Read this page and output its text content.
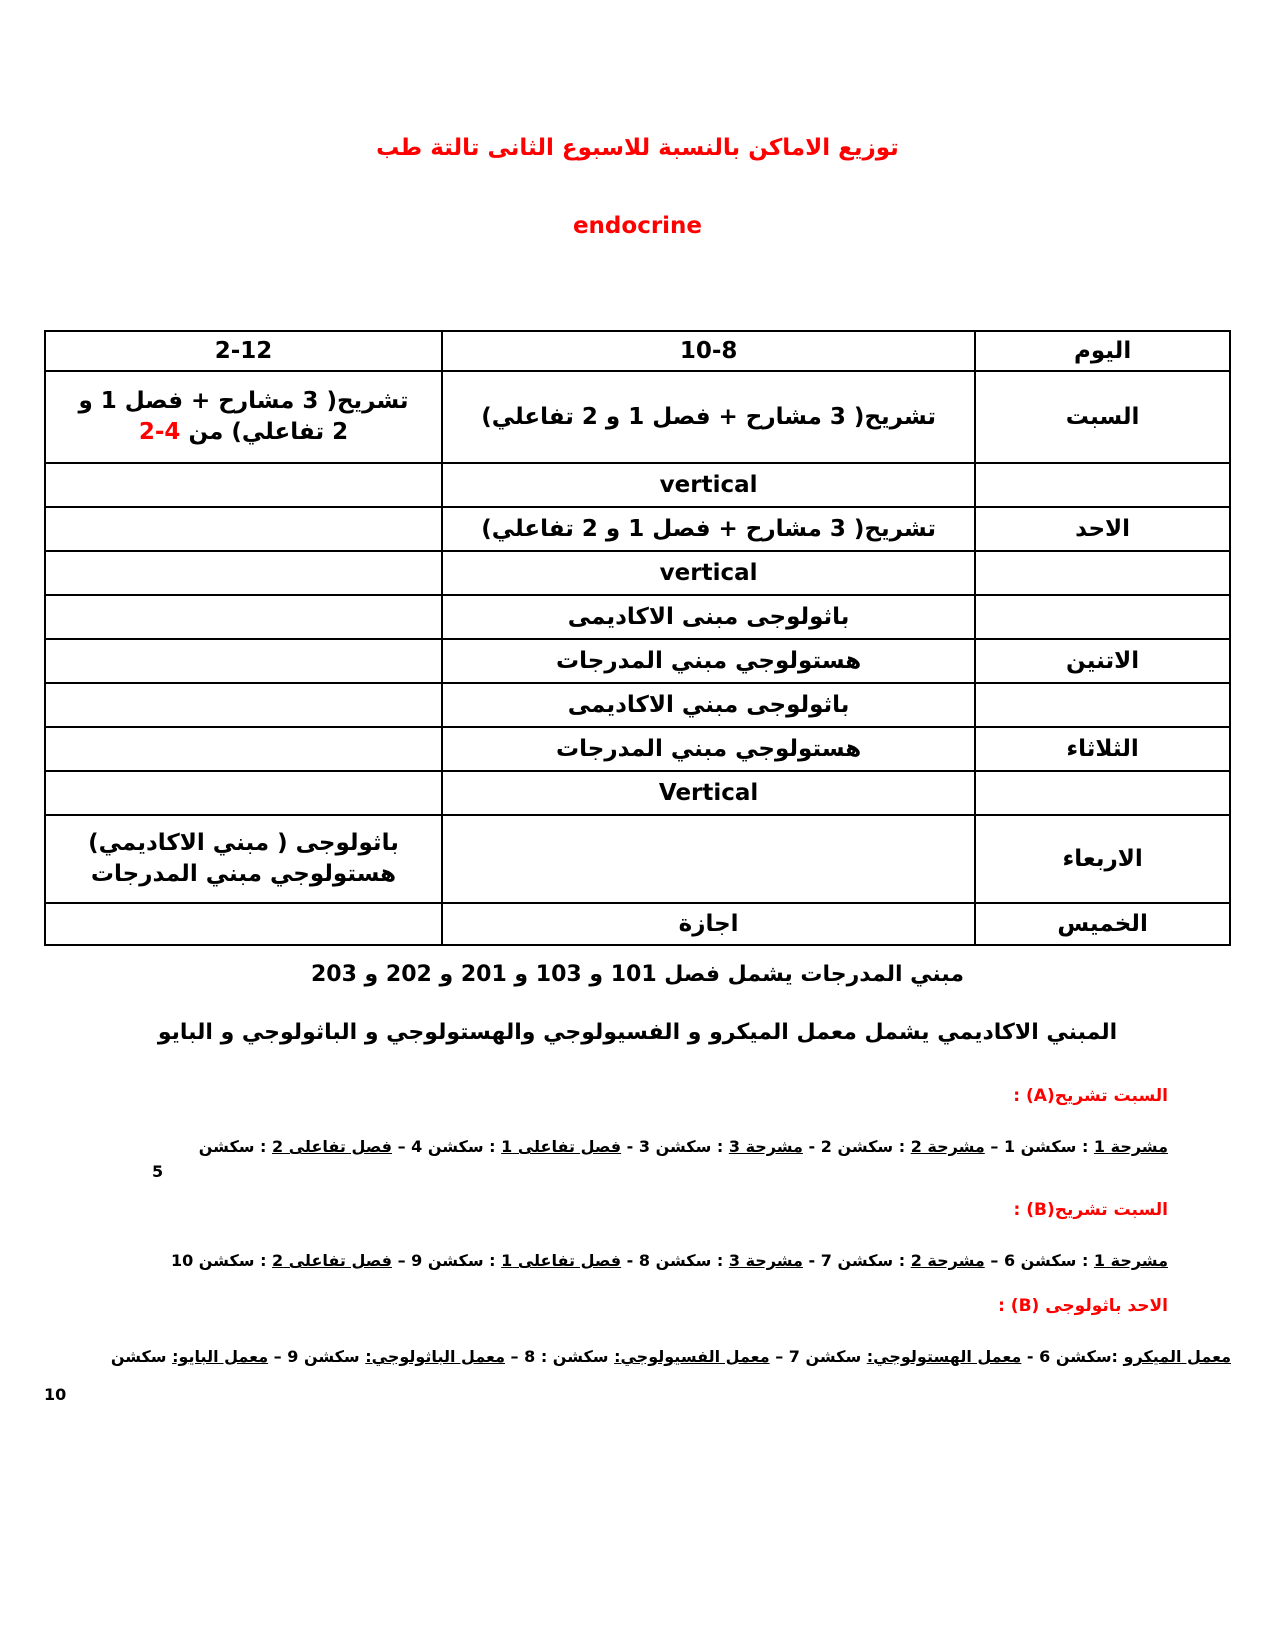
توزيع الاماكن بالنسبة للاسبوع الثانى تالتة طب
endocrine
اليوم	10-8	2-12
السبت	تشريح( 3 مشارح + فصل 1 و 2 تفاعلي)	تشريح( 3 مشارح + فصل 1 و
2 تفاعلي) من 4-2

	vertical	
الاحد	تشريح( 3 مشارح + فصل 1 و 2 تفاعلي)	
	vertical	
	باثولوجى مبنى الاكاديمى	
الاتنين	هستولوجي مبني المدرجات	
	باثولوجى مبني الاكاديمى	
الثلاثاء	هستولوجي مبني المدرجات	
	Vertical	
الاربعاء		باثولوجى ( مبني الاكاديمي)
هستولوجي مبني المدرجات

الخميس	اجازة	
مبني المدرجات يشمل فصل 101 و 103 و 201 و 202 و 203
المبني الاكاديمي يشمل معمل الميكرو و الفسيولوجي والهستولوجي و الباثولوجي و البايو
السبت تشريح(A) :
مشرحة 1 : سكشن 1 – مشرحة 2 : سكشن 2 - مشرحة 3 : سكشن 3 - فصل تفاعلى 1 : سكشن 4 – فصل تفاعلى 2 : سكشن
5
السبت تشريح(B) :
مشرحة 1 : سكشن 6 – مشرحة 2 : سكشن 7 - مشرحة 3 : سكشن 8 - فصل تفاعلى 1 : سكشن 9 – فصل تفاعلى 2 : سكشن 10
الاحد باثولوجى (B) :
معمل الميكرو :سكشن 6 - معمل الهستولوجي: سكشن 7 – معمل الفسيولوجي: سكشن : 8 – معمل الباثولوجي: سكشن 9 – معمل البايو: سكشن
10
